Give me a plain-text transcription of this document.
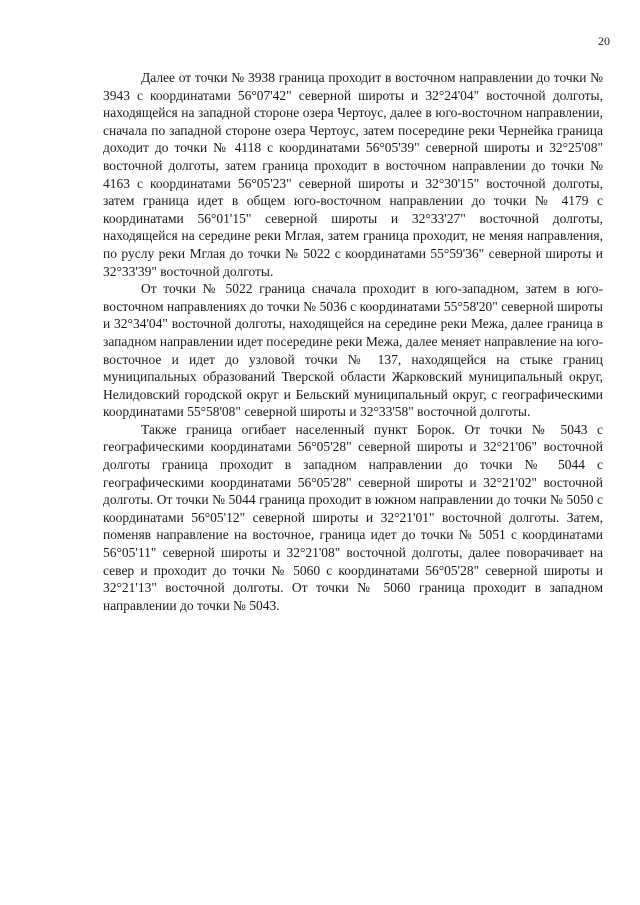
20

Далее от точки № 3938 граница проходит в восточном направлении до точки № 3943 с координатами 56°07'42" северной широты и 32°24'04" восточной долготы, находящейся на западной стороне озера Чертоус, далее в юго-восточном направлении, сначала по западной стороне озера Чертоус, затем посередине реки Чернейка граница доходит до точки № 4118 с координатами 56°05'39" северной широты и 32°25'08" восточной долготы, затем граница проходит в восточном направлении до точки № 4163 с координатами 56°05'23" северной широты и 32°30'15" восточной долготы, затем граница идет в общем юго-восточном направлении до точки № 4179 с координатами 56°01'15" северной широты и 32°33'27" восточной долготы, находящейся на середине реки Мглая, затем граница проходит, не меняя направления, по руслу реки Мглая до точки № 5022 с координатами 55°59'36" северной широты и 32°33'39" восточной долготы.

От точки № 5022 граница сначала проходит в юго-западном, затем в юго-восточном направлениях до точки № 5036 с координатами 55°58'20" северной широты и 32°34'04" восточной долготы, находящейся на середине реки Межа, далее граница в западном направлении идет посередине реки Межа, далее меняет направление на юго-восточное и идет до узловой точки № 137, находящейся на стыке границ муниципальных образований Тверской области Жарковский муниципальный округ, Нелидовский городской округ и Бельский муниципальный округ, с географическими координатами 55°58'08" северной широты и 32°33'58" восточной долготы.

Также граница огибает населенный пункт Борок. От точки № 5043 с географическими координатами 56°05'28" северной широты и 32°21'06" восточной долготы граница проходит в западном направлении до точки № 5044 с географическими координатами 56°05'28" северной широты и 32°21'02" восточной долготы. От точки № 5044 граница проходит в южном направлении до точки № 5050 с координатами 56°05'12" северной широты и 32°21'01" восточной долготы. Затем, поменяв направление на восточное, граница идет до точки № 5051 с координатами 56°05'11" северной широты и 32°21'08" восточной долготы, далее поворачивает на север и проходит до точки № 5060 с координатами 56°05'28" северной широты и 32°21'13" восточной долготы. От точки № 5060 граница проходит в западном направлении до точки № 5043.
